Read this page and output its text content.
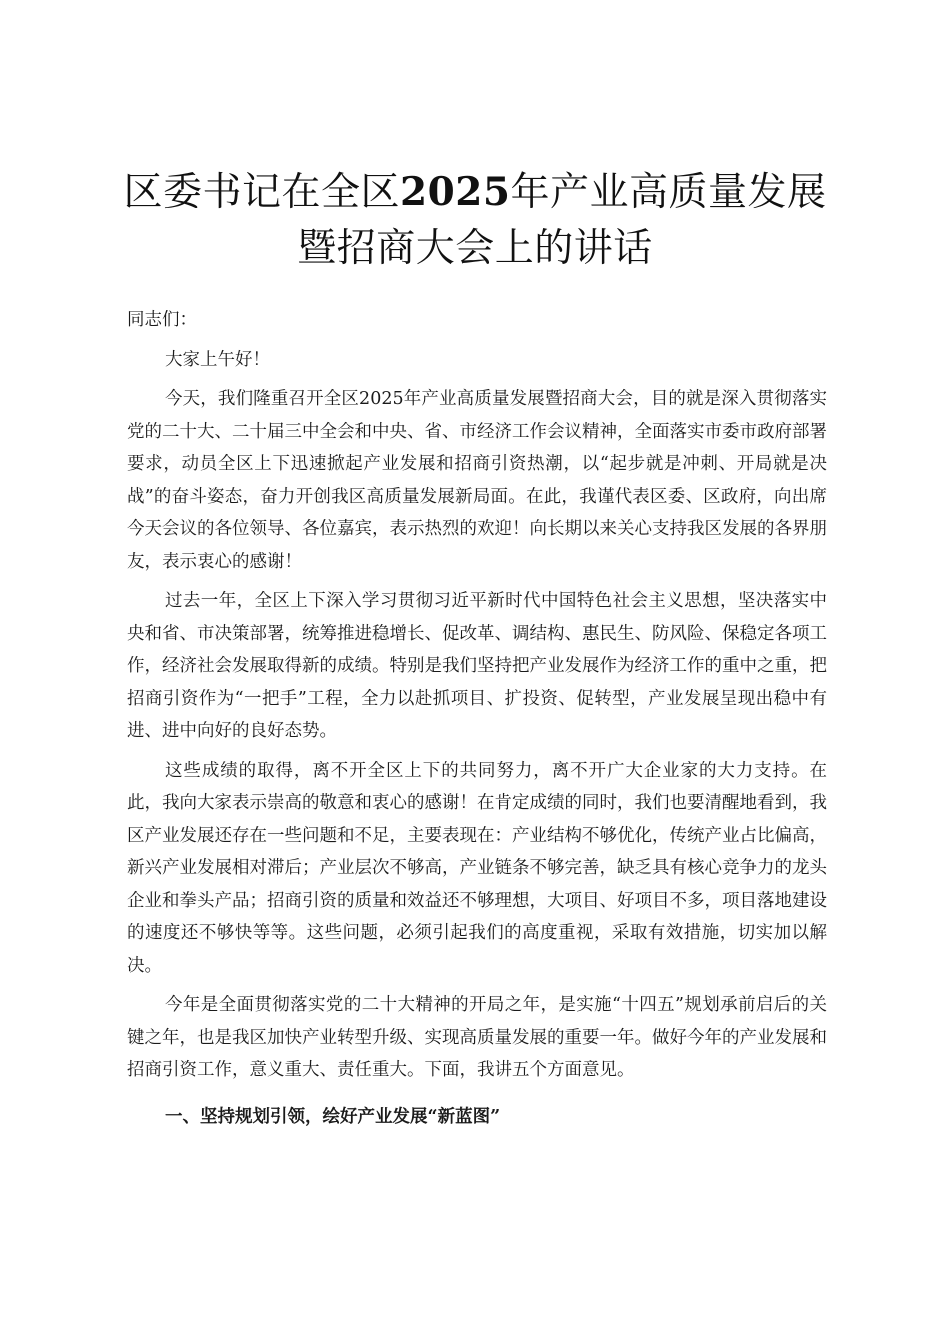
区委书记在全区2025年产业高质量发展暨招商大会上的讲话

同志们：

大家上午好！

今天，我们隆重召开全区2025年产业高质量发展暨招商大会，目的就是深入贯彻落实党的二十大、二十届三中全会和中央、省、市经济工作会议精神，全面落实市委市政府部署要求，动员全区上下迅速掀起产业发展和招商引资热潮，以“起步就是冲刺、开局就是决战”的奋斗姿态，奋力开创我区高质量发展新局面。在此，我谨代表区委、区政府，向出席今天会议的各位领导、各位嘉宾，表示热烈的欢迎！向长期以来关心支持我区发展的各界朋友，表示衷心的感谢！

过去一年，全区上下深入学习贯彻习近平新时代中国特色社会主义思想，坚决落实中央和省、市决策部署，统筹推进稳增长、促改革、调结构、惠民生、防风险、保稳定各项工作，经济社会发展取得新的成绩。特别是我们坚持把产业发展作为经济工作的重中之重，把招商引资作为“一把手”工程，全力以赴抓项目、扩投资、促转型，产业发展呈现出稳中有进、进中向好的良好态势。

这些成绩的取得，离不开全区上下的共同努力，离不开广大企业家的大力支持。在此，我向大家表示崇高的敬意和衷心的感谢！在肯定成绩的同时，我们也要清醒地看到，我区产业发展还存在一些问题和不足，主要表现在：产业结构不够优化，传统产业占比偏高，新兴产业发展相对滞后；产业层次不够高，产业链条不够完善，缺乏具有核心竞争力的龙头企业和拳头产品；招商引资的质量和效益还不够理想，大项目、好项目不多，项目落地建设的速度还不够快等等。这些问题，必须引起我们的高度重视，采取有效措施，切实加以解决。

今年是全面贯彻落实党的二十大精神的开局之年，是实施“十四五”规划承前启后的关键之年，也是我区加快产业转型升级、实现高质量发展的重要一年。做好今年的产业发展和招商引资工作，意义重大、责任重大。下面，我讲五个方面意见。

一、坚持规划引领，绘好产业发展“新蓝图”
